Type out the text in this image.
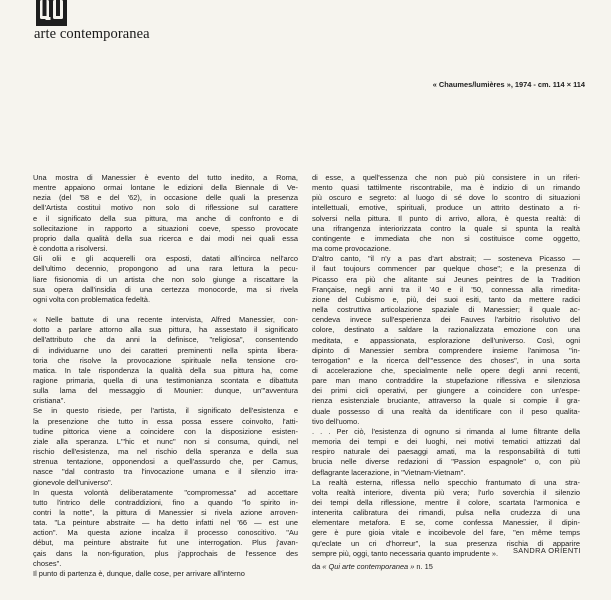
arte contemporanea
« Chaumes/lumières », 1974 - cm. 114 × 114

Una mostra di Manessier è evento del tutto inedito, a Roma,
mentre appaiono ormai lontane le edizioni della Biennale di Ve-
nezia (del '58 e del '62), in occasione delle quali la presenza
dell'Artista costituì motivo non solo di riflessione sul carattere
e il significato della sua pittura, ma anche di confronto e di
sollecitazione in rapporto a situazioni coeve, spesso provocate
proprio dalla qualità della sua ricerca e dai modi nei quali essa
è condotta a risolversi.

Gli olii e gli acquerelli ora esposti, datati all'incirca nell'arco
dell'ultimo decennio, propongono ad una rara lettura la pecu-
liare fisionomia di un artista che non solo giunge a riscattare la
sua opera dall'insidia di una certezza monocorde, ma si rivela
ogni volta con problematica fedeltà.

« Nelle battute di una recente intervista, Alfred Manessier, con-
dotto a parlare attorno alla sua pittura, ha assestato il significato
dell'attributo che da anni la definisce, "religiosa", consentendo
di individuarne uno dei caratteri preminenti nella spinta libera-
toria che risolve la provocazione spirituale nella tensione cro-
matica. In tale rispondenza la qualità della sua pittura ha, come
ragione primaria, quella di una testimonianza scontata e dibattuta
sulla lama del messaggio di Mounier: dunque, un'"avventura
cristiana".

Se in questo risiede, per l'artista, il significato dell'esistenza e
la presenzione che tutto in essa possa essere coinvolto, l'atti-
tudine pittorica viene a coincidere con la disposizione esisten-
ziale alla speranza. L'"hic et nunc" non si consuma, quindi, nel
rischio dell'esistenza, ma nel rischio della speranza e della sua
strenua tentazione, opponendosi a quell'assurdo che, per Camus,
nasce "dal contrasto tra l'invocazione umana e il silenzio irra-
gionevole dell'universo".

In questa volontà deliberatamente "compromessa" ad accettare
tutto l'intrico delle contraddizioni, fino a quando "lo spirito in-
contri la notte", la pittura di Manessier si rivela azione arroven-
tata. "La peinture abstraite — ha detto infatti nel '66 — est une
action". Ma questa azione incalza il processo conoscitivo. "Au
début, ma peinture abstraite fut une interrogation. Plus j'avan-
çais dans la non-figuration, plus j'approchais de l'essence des
choses".

Il punto di partenza è, dunque, dalle cose, per arrivare all'interno

di esse, a quell'essenza che non può più consistere in un riferi-
mento quasi tattilmente riscontrabile, ma è indizio di un rimando
più oscuro e segreto: al luogo di sé dove lo scontro di situazioni
intellettuali, emotive, spirituali, produce un attrito destinato a ri-
solversi nella pittura. Il punto di arrivo, allora, è questa realtà: di
una rifrangenza interiorizzata contro la quale si spunta la realtà
contingente e immediata che non si costituisce come oggetto,
ma come provocazione.

D'altro canto, "il n'y a pas d'art abstrait; — sosteneva Picasso —
il faut toujours commencer par quelque chose"; e la presenza di
Picasso era più che alitante sui Jeunes peintres de la Tradition
Française, negli anni tra il '40 e il '50, connessa alla rimedita-
zione del Cubismo e, più, dei suoi esiti, tanto da mettere radici
nella costruttiva articolazione spaziale di Manessier; il quale ac-
cendeva invece sull'esperienza dei Fauves l'arbitrio risolutivo del
colore, destinato a saldare la razionalizzata emozione con una
meditata, e appassionata, esplorazione dell'universo. Così, ogni
dipinto di Manessier sembra comprendere insieme l'animosa "in-
terrogation" e la ricerca dell'"essence des choses", in una sorta
di accelerazione che, specialmente nelle opere degli anni recenti,
pare man mano contraddire la stupefazione riflessiva e silenziosa
dei primi cicli operativi, per giungere a coincidere con un'espe-
rienza esistenziale bruciante, attraverso la quale si compie il gra-
duale possesso di una realtà da identificare con il peso qualita-
tivo dell'uomo.

. . . Per ciò, l'esistenza di ognuno si rimanda al lume filtrante della
memoria dei tempi e dei luoghi, nei motivi tematici attizzati dal
respiro naturale dei paesaggi amati, ma la responsabilità di tutti
brucia nelle diverse redazioni di "Passion espagnole" o, con più
deflagrante lacerazione, in "Vietnam-Vietnam".

La realtà esterna, riflessa nello specchio frantumato di una stra-
volta realtà interiore, diventa più vera; l'urlo soverchia il silenzio
dei tempi della riflessione, mentre il colore, scartata l'armonica e
intenerita calibratura dei rimandi, pulsa nella crudezza di una
elementare metafora. E se, come confessa Manessier, il dipin-
gere è pure gioia vitale e incoibevole del fare, "en même temps
qu'eclate un cri d'horreur", la sua presenza rischia di apparire
sempre più, oggi, tanto necessaria quanto imprudente ».	SANDRA ORIENTI
da « Qui arte contemporanea » n. 15
